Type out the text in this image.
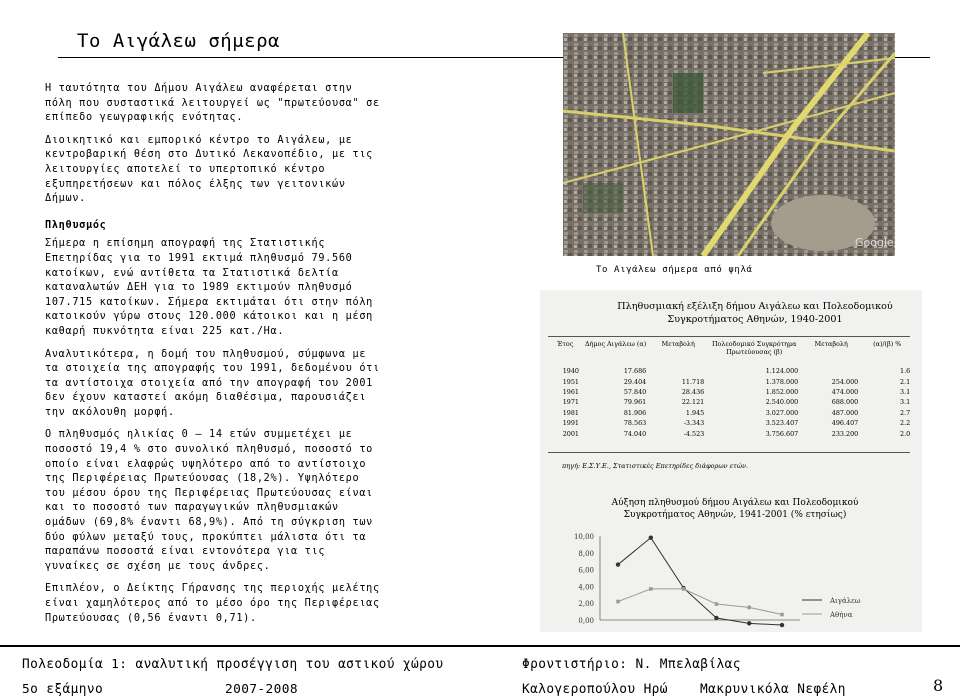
Το Αιγάλεω σήμερα

Η ταυτότητα του Δήμου Αιγάλεω αναφέρεται στην πόλη που συσταστικά λειτουργεί ως "πρωτεύουσα" σε επίπεδο γεωγραφικής ενότητας.

Διοικητικό και εμπορικό κέντρο το Αιγάλεω, με κεντροβαρική θέση στο Δυτικό Λεκανοπέδιο, με τις λειτουργίες αποτελεί το υπερτοπικό κέντρο εξυπηρετήσεων και πόλος έλξης των γειτονικών Δήμων.

Πληθυσμός

Σήμερα η επίσημη απογραφή της Στατιστικής Επετηρίδας για το 1991 εκτιμά πληθυσμό 79.560 κατοίκων, ενώ αντίθετα τα Στατιστικά δελτία καταναλωτών ΔΕΗ για το 1989 εκτιμούν πληθυσμό 107.715 κατοίκων. Σήμερα εκτιμάται ότι στην πόλη κατοικούν γύρω στους 120.000 κάτοικοι και η μέση καθαρή πυκνότητα είναι 225 κατ./Ηα.

Αναλυτικότερα, η δομή του πληθυσμού, σύμφωνα με τα στοιχεία της απογραφής του 1991, δεδομένου ότι τα αντίστοιχα στοιχεία από την απογραφή του 2001 δεν έχουν καταστεί ακόμη διαθέσιμα, παρουσιάζει την ακόλουθη μορφή.

Ο πληθυσμός ηλικίας 0 – 14 ετών συμμετέχει με ποσοστό 19,4 % στο συνολικό πληθυσμό, ποσοστό το οποίο είναι ελαφρώς υψηλότερο από το αντίστοιχο της Περιφέρειας Πρωτεύουσας (18,2%). Υψηλότερο του μέσου όρου της Περιφέρειας Πρωτεύουσας είναι και το ποσοστό των παραγωγικών πληθυσμιακών ομάδων (69,8% έναντι 68,9%). Από τη σύγκριση των δύο φύλων μεταξύ τους, προκύπτει μάλιστα ότι τα παραπάνω ποσοστά είναι εντονότερα για τις γυναίκες σε σχέση με τους άνδρες.

Επιπλέον, ο Δείκτης Γήρανσης της περιοχής μελέτης είναι χαμηλότερος από το μέσο όρο της Περιφέρειας Πρωτεύουσας (0,56 έναντι 0,71).

Google
Το Αιγάλεω σήμερα από ψηλά
Πληθυσμιακή εξέλιξη δήμου Αιγάλεω και Πολεοδομικού Συγκροτήματος Αθηνών, 1940-2001
Έτος	Δήμος Αιγάλεω (α)	Μεταβολή	Πολεοδομικό Συγκρότημα Πρωτεύουσας (β)	Μεταβολή	(α)/(β) %
1940	17.686		1.124.000		1.6
1951	29.404	11.718	1.378.000	254.000	2.1
1961	57.840	28.436	1.852.000	474.000	3.1
1971	79.961	22.121	2.540.000	688.000	3.1
1981	81.906	1.945	3.027.000	487.000	2.7
1991	78.563	-3.343	3.523.407	496.407	2.2
2001	74.040	-4.523	3.756.607	233.200	2.0
πηγή: Ε.Σ.Υ.Ε., Στατιστικές Επετηρίδες διάφορων ετών.
Αύξηση πληθυσμού δήμου Αιγάλεω και Πολεοδομικού Συγκροτήματος Αθηνών, 1941-2001 (% ετησίως)
10,00
8,00
6,00
4,00
2,00
0,00
Αιγάλεω
Αθήνα
Πολεοδομία 1: αναλυτική προσέγγιση του αστικού χώρου	Φροντιστήριο: Ν. Μπελαβίλας
5ο εξάμηνο	2007-2008	Καλογεροπούλου Ηρώ	Μακρυνικόλα Νεφέλη	8
